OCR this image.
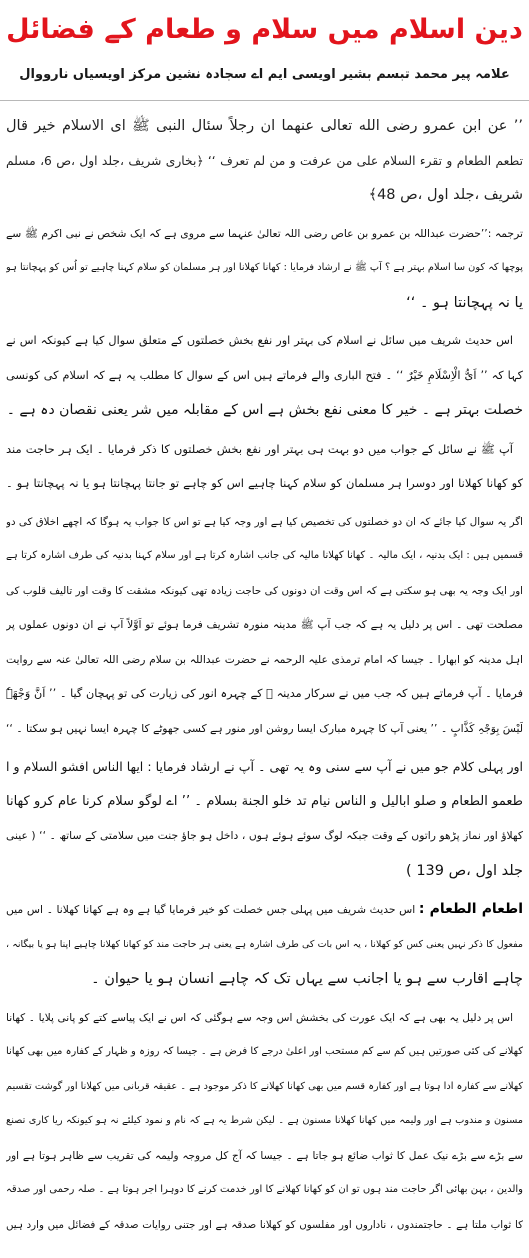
دین اسلام میں سلام و طعام کے فضائل
علامہ پیر محمد تبسم بشیر اویسی ایم اے سجادہ نشین مرکز اویسیاں نارووال
’’ عن ابن عمرو رضی الله تعالی عنهما ان رجلاً سئال النبی ﷺ ای الاسلام خیر قال
تطعم الطعام و تقرء السلام علی من عرفت و من لم تعرف ‘‘ ﴿بخاری شریف ،جلد اول ،ص 6، مسلم
شریف ،جلد اول ،ص 48﴾
ترجمہ :’’حضرت عبداللہ بن عمرو بن عاص رضی اللہ تعالیٰ عنہما سے مروی ہے کہ ایک شخص نے نبی اکرم ﷺ سے
پوچھا کہ کون سا اسلام بہتر ہے ؟ آپ ﷺ نے ارشاد فرمایا : کھانا کھلانا اور ہر مسلمان کو سلام کہنا چاہیے تو اُس کو پہچانتا ہو
یا نہ پہچانتا ہو ۔ ‘‘
اس حدیث شریف میں سائل نے اسلام کی بہتر اور نفع بخش خصلتوں کے متعلق سوال کیا ہے کیونکہ اس نے
کہا کہ ’’ اَیُّ الْاِسْلَامِ خَیْرٌ ‘‘ ۔ فتح الباری والے فرماتے ہیں اس کے سوال کا مطلب یہ ہے کہ اسلام کی کونسی
خصلت بہتر ہے ۔ خیر کا معنی نفع بخش ہے اس کے مقابلہ میں شر یعنی نقصان دہ ہے ۔
آپ ﷺ نے سائل کے جواب میں دو بہت ہی بہتر اور نفع بخش خصلتوں کا ذکر فرمایا ۔ ایک ہر حاجت مند
کو کھانا کھلانا اور دوسرا ہر مسلمان کو سلام کہنا چاہیے اس کو چاہے تو جانتا پہچانتا ہو یا نہ پہچانتا ہو ۔
اگر یہ سوال کیا جائے کہ ان دو خصلتوں کی تخصیص کیا ہے اور وجہ کیا ہے تو اس کا جواب یہ ہوگا کہ اچھے اخلاق کی دو
قسمیں ہیں : ایک بدنیہ ، ایک مالیہ ۔ کھانا کھلانا مالیہ کی جانب اشارہ کرتا ہے اور سلام کہنا بدنیہ کی طرف اشارہ کرتا ہے
اور ایک وجہ یہ بھی ہو سکتی ہے کہ اس وقت ان دونوں کی حاجت زیادہ تھی کیونکہ مشقت کا وقت اور تالیف قلوب کی
مصلحت تھی ۔ اس پر دلیل یہ ہے کہ جب آپ ﷺ مدینہ منورہ تشریف فرما ہوئے تو اَوَّلاً آپ نے ان دونوں عملوں پر
اہل مدینہ کو ابھارا ۔ جیسا کہ امام ترمذی علیہ الرحمہ نے حضرت عبداللہ بن سلام رضی اللہ تعالیٰ عنہ سے روایت
فرمایا ۔ آپ فرماتے ہیں کہ جب میں نے سرکار مدینہ ﷺ کے چہرہ انور کی زیارت کی تو پہچان گیا ۔ ’’ اَنَّ وَجْھَہٗ
لَیْسَ بِوَجْہِ کَذَّابٍ ۔ ’’ یعنی آپ کا چہرہ مبارک ایسا روشن اور منور ہے کسی جھوٹے کا چہرہ ایسا نہیں ہو سکتا ۔ ‘‘
اور پہلی کلام جو میں نے آپ سے سنی وہ یہ تھی ۔ آپ نے ارشاد فرمایا : ایھا الناس افشو السلام و ا
طعمو الطعام و صلو ابالیل و الناس نیام تد خلو الجنة بسلام ۔ ’’ اے لوگو سلام کرنا عام کرو کھانا
کھلاؤ اور نماز پڑھو راتوں کے وقت جبکہ لوگ سوئے ہوئے ہوں ، داخل ہو جاؤ جنت میں سلامتی کے ساتھ ۔ ‘‘ ( عینی
جلد اول ،ص 139 )
اطعام الطعام : اس حدیث شریف میں پہلی جس خصلت کو خیر فرمایا گیا ہے وہ ہے کھانا کھلانا ۔ اس میں
مفعول کا ذکر نہیں یعنی کس کو کھلانا ، یہ اس بات کی طرف اشارہ ہے یعنی ہر حاجت مند کو کھانا کھلانا چاہیے اپنا ہو یا بیگانہ ،
چاہے اقارب سے ہو یا اجانب سے یہاں تک کہ چاہے انسان ہو یا حیوان ۔
اس پر دلیل یہ بھی ہے کہ ایک عورت کی بخشش اس وجہ سے ہوگئی کہ اس نے ایک پیاسے کتے کو پانی پلایا ۔ کھانا
کھلانے کی کئی صورتیں ہیں کم سے کم مستحب اور اعلیٰ درجے کا فرض ہے ۔ جیسا کہ روزہ و ظہار کے کفارہ میں بھی کھانا
کھلانے سے کفارہ ادا ہوتا ہے اور کفارہ قسم میں بھی کھانا کھلانے کا ذکر موجود ہے ۔ عقیقہ قربانی میں کھلانا اور گوشت تقسیم
مسنون و مندوب ہے اور ولیمہ میں کھانا کھلانا مسنون ہے ۔ لیکن شرط یہ ہے کہ نام و نمود کیلئے نہ ہو کیونکہ ریا کاری تصنع
سے بڑے سے بڑے نیک عمل کا ثواب ضائع ہو جاتا ہے ۔ جیسا کہ آج کل مروجہ ولیمہ کی تقریب سے ظاہر ہوتا ہے اور
والدین ، بہن بھائی اگر حاجت مند ہوں تو ان کو کھانا کھلانے کا اور خدمت کرنے کا دوہرا اجر ہوتا ہے ۔ صلہ رحمی اور صدقہ
کا ثواب ملتا ہے ۔ حاجتمندوں ، ناداروں اور مفلسوں کو کھلانا صدقہ ہے اور جتنی روایات صدقہ کے فضائل میں وارد ہیں
